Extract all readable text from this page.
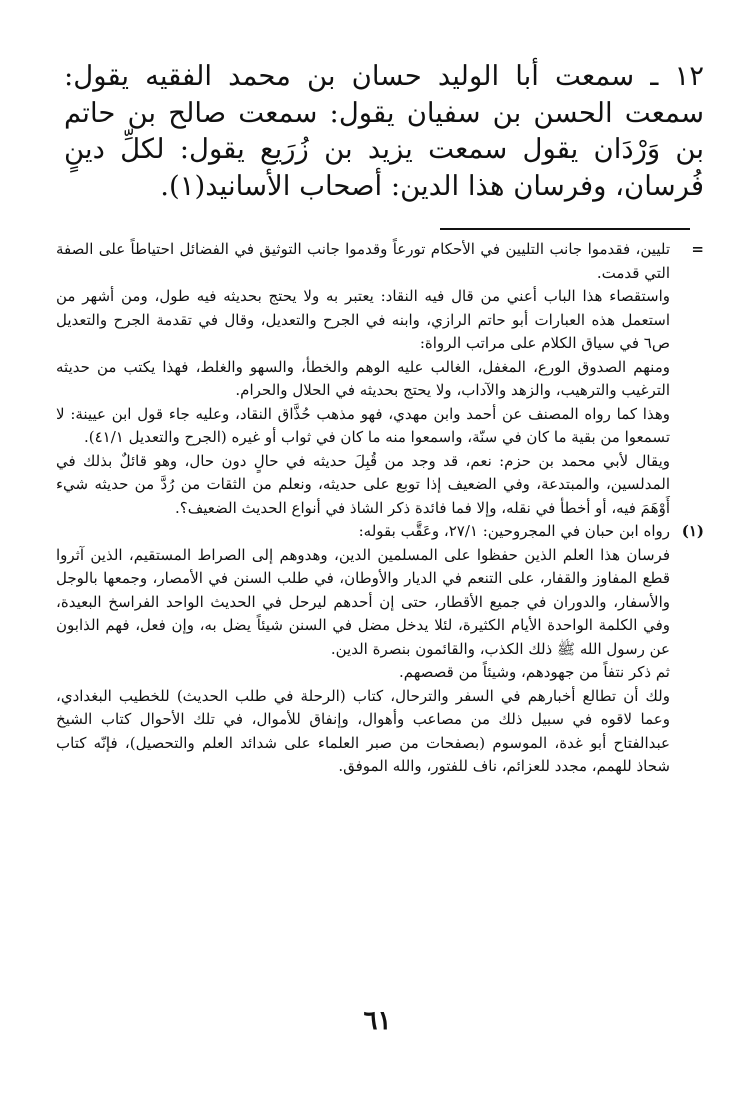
١٢ ـ سمعت أبا الوليد حسان بن محمد الفقيه يقول: سمعت الحسن بن سفيان يقول: سمعت صالح بن حاتم بن وَرْدَان يقول سمعت يزيد بن زُرَيع يقول: لكلِّ دينٍ فُرسان، وفرسان هذا الدين: أصحاب الأسانيد(١).

=
تليين، فقدموا جانب التليين في الأحكام تورعاً وقدموا جانب التوثيق في الفضائل احتياطاً على الصفة التي قدمت.

واستقصاء هذا الباب أعني من قال فيه النقاد: يعتبر به ولا يحتج بحديثه فيه طول، ومن أشهر من استعمل هذه العبارات أبو حاتم الرازي، وابنه في الجرح والتعديل، وقال في تقدمة الجرح والتعديل ص٦ في سياق الكلام على مراتب الرواة:

ومنهم الصدوق الورع، المغفل، الغالب عليه الوهم والخطأ، والسهو والغلط، فهذا يكتب من حديثه الترغيب والترهيب، والزهد والآداب، ولا يحتج بحديثه في الحلال والحرام.

وهذا كما رواه المصنف عن أحمد وابن مهدي، فهو مذهب حُذَّاق النقاد، وعليه جاء قول ابن عيينة: لا تسمعوا من بقية ما كان في سنّة، واسمعوا منه ما كان في ثواب أو غيره (الجرح والتعديل ٤١/١).

ويقال لأبي محمد بن حزم: نعم، قد وجد من قُبِلَ حديثه في حالٍ دون حال، وهو قائلٌ بذلك في المدلسين، والمبتدعة، وفي الضعيف إذا توبع على حديثه، ونعلم من الثقات من رُدَّ من حديثه شيء أَوْهَمَ فيه، أو أخطأ في نقله، وإلا فما فائدة ذكر الشاذ في أنواع الحديث الضعيف؟.

(١)
رواه ابن حبان في المجروحين: ٢٧/١، وعَقَّب بقوله:

فرسان هذا العلم الذين حفظوا على المسلمين الدين، وهدوهم إلى الصراط المستقيم، الذين آثروا قطع المفاوز والقفار، على التنعم في الديار والأوطان، في طلب السنن في الأمصار، وجمعها بالوجل والأسفار، والدوران في جميع الأقطار، حتى إن أحدهم ليرحل في الحديث الواحد الفراسخ البعيدة، وفي الكلمة الواحدة الأيام الكثيرة، لئلا يدخل مضل في السنن شيئاً يضل به، وإن فعل، فهم الذابون عن رسول الله ﷺ ذلك الكذب، والقائمون بنصرة الدين.

ثم ذكر نتفاً من جهودهم، وشيئاً من قصصهم.

ولك أن تطالع أخبارهم في السفر والترحال، كتاب (الرحلة في طلب الحديث) للخطيب البغدادي، وعما لاقوه في سبيل ذلك من مصاعب وأهوال، وإنفاق للأموال، في تلك الأحوال كتاب الشيخ عبدالفتاح أبو غدة، الموسوم (بصفحات من صبر العلماء على شدائد العلم والتحصيل)، فإنّه كتاب شحاذ للهمم، مجدد للعزائم، ناف للفتور، والله الموفق.

٦١
